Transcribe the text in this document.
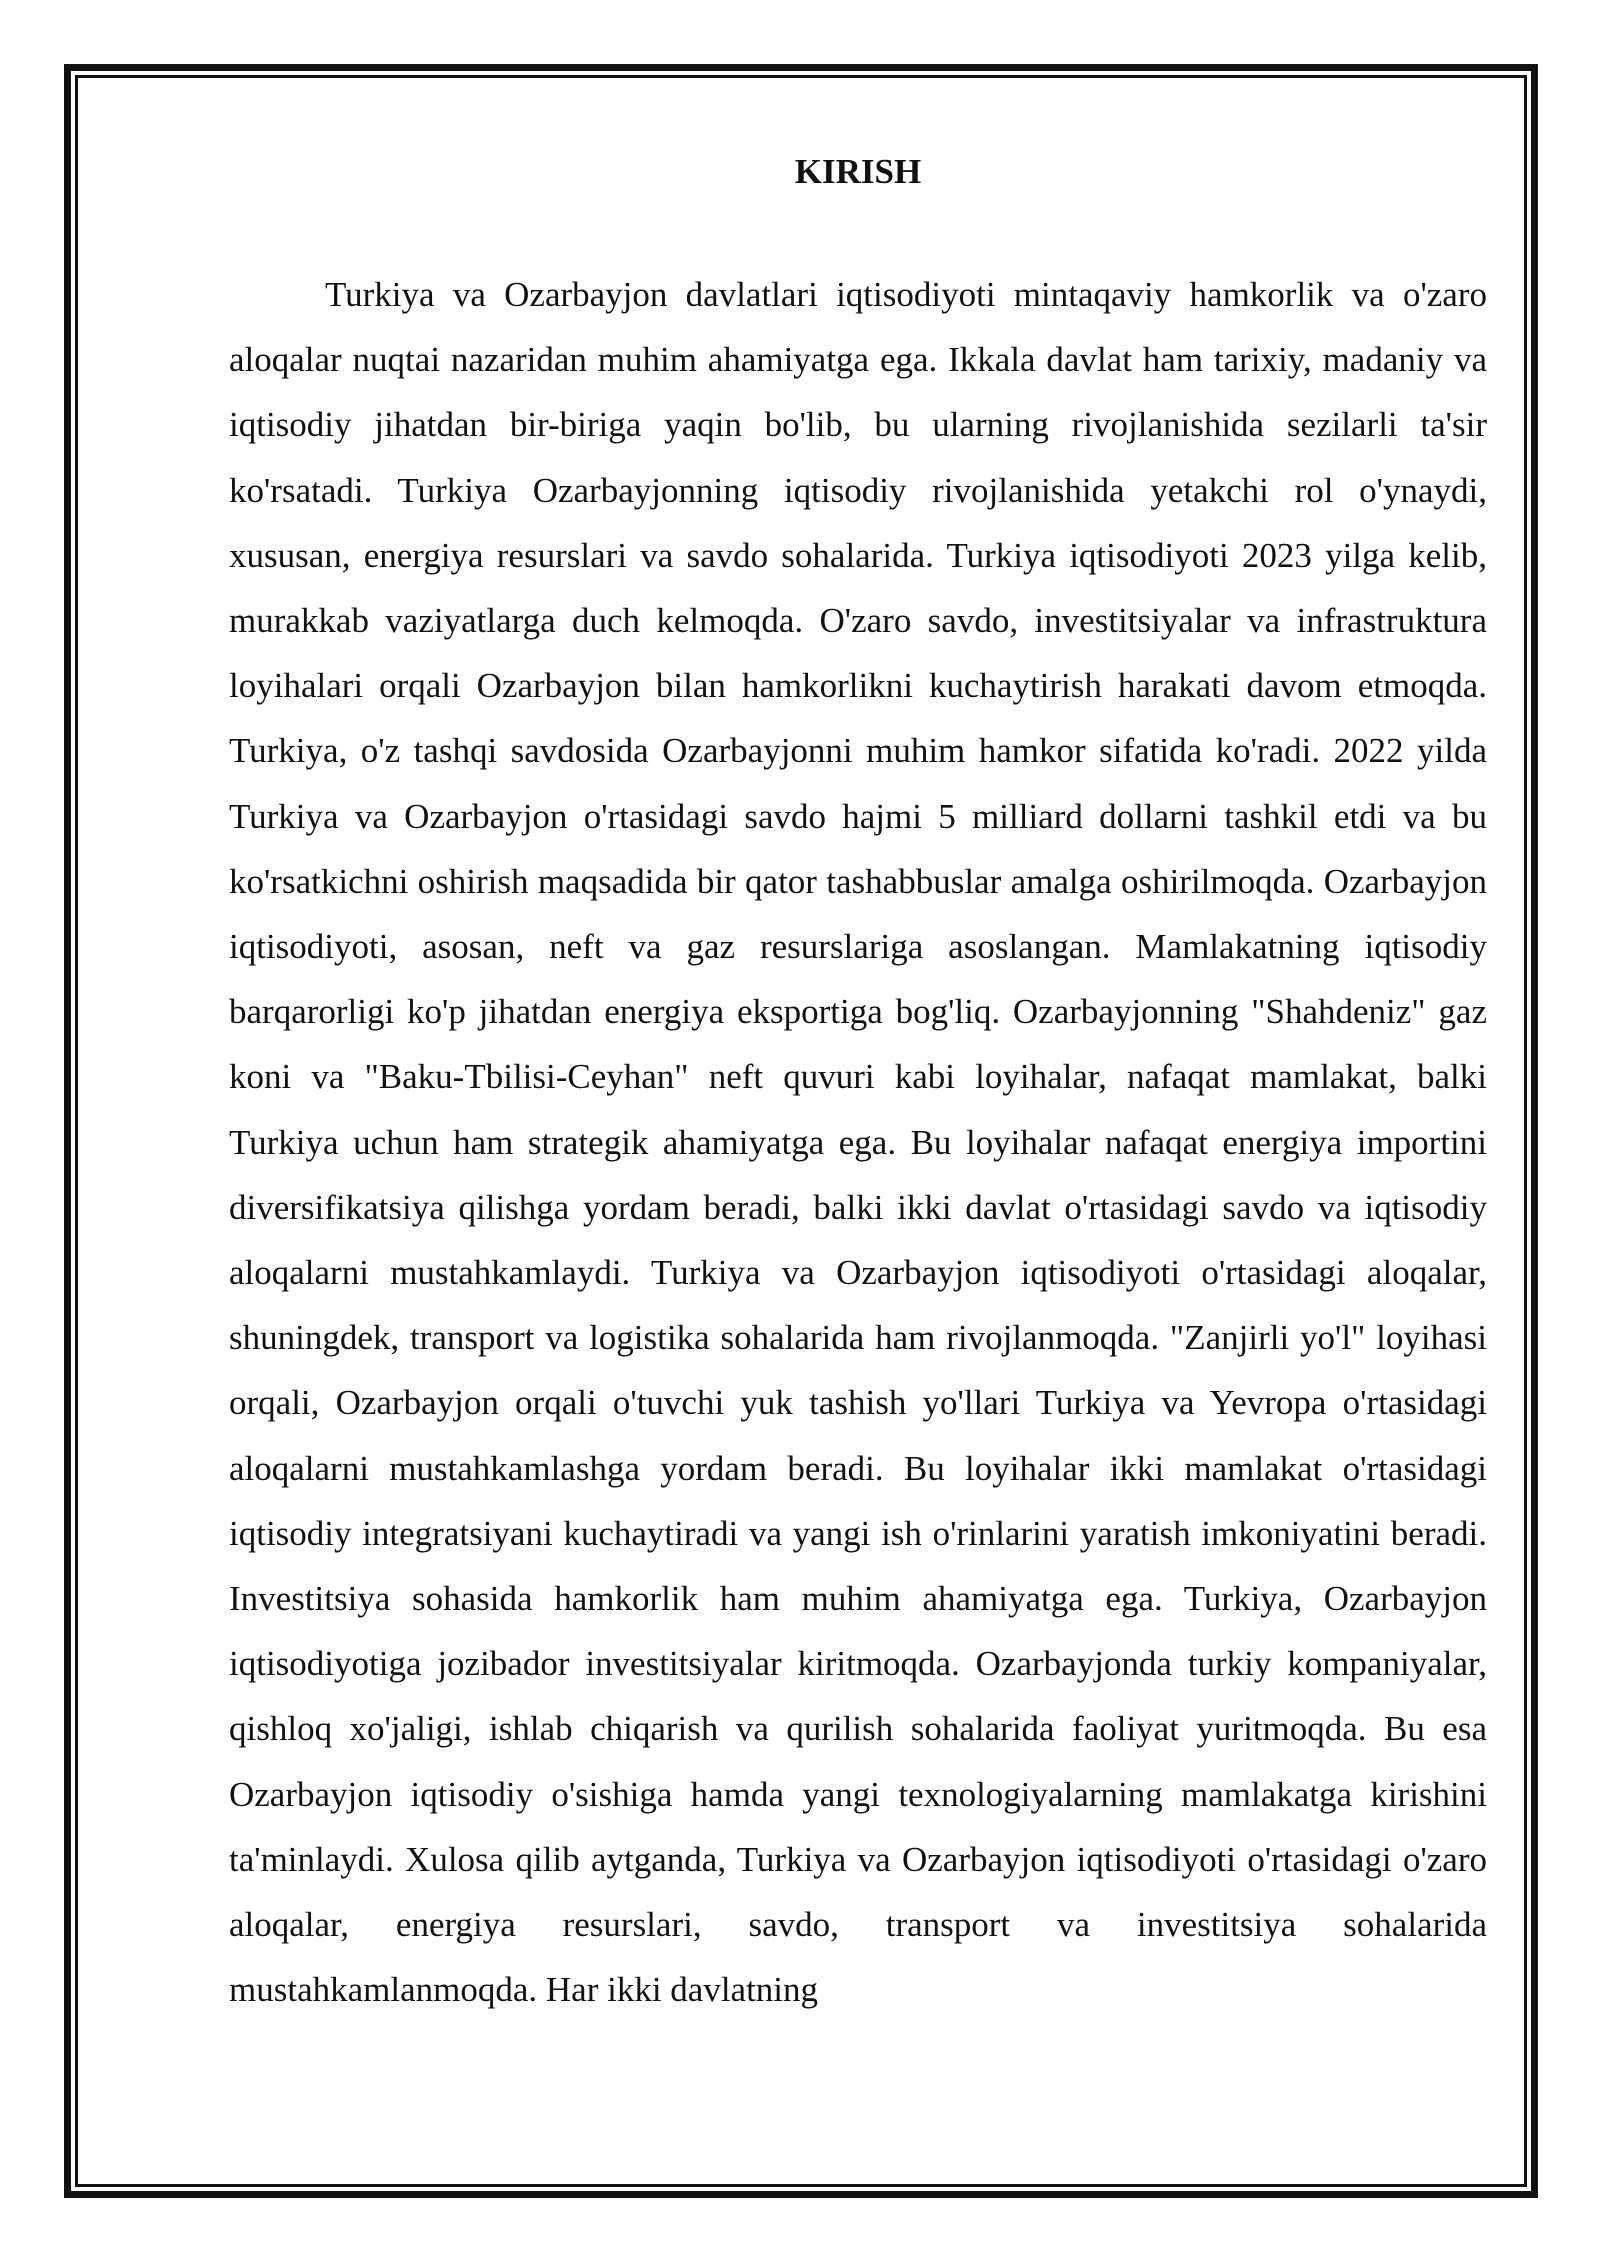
KIRISH

Turkiya va Ozarbayjon davlatlari iqtisodiyoti mintaqaviy hamkorlik va o'zaro aloqalar nuqtai nazaridan muhim ahamiyatga ega. Ikkala davlat ham tarixiy, madaniy va iqtisodiy jihatdan bir-biriga yaqin bo'lib, bu ularning rivojlanishida sezilarli ta'sir ko'rsatadi. Turkiya Ozarbayjonning iqtisodiy rivojlanishida yetakchi rol o'ynaydi, xususan, energiya resurslari va savdo sohalarida. Turkiya iqtisodiyoti 2023 yilga kelib, murakkab vaziyatlarga duch kelmoqda. O'zaro savdo, investitsiyalar va infrastruktura loyihalari orqali Ozarbayjon bilan hamkorlikni kuchaytirish harakati davom etmoqda. Turkiya, o'z tashqi savdosida Ozarbayjonni muhim hamkor sifatida ko'radi. 2022 yilda Turkiya va Ozarbayjon o'rtasidagi savdo hajmi 5 milliard dollarni tashkil etdi va bu ko'rsatkichni oshirish maqsadida bir qator tashabbuslar amalga oshirilmoqda. Ozarbayjon iqtisodiyoti, asosan, neft va gaz resurslariga asoslangan. Mamlakatning iqtisodiy barqarorligi ko'p jihatdan energiya eksportiga bog'liq. Ozarbayjonning "Shahdeniz" gaz koni va "Baku-Tbilisi-Ceyhan" neft quvuri kabi loyihalar, nafaqat mamlakat, balki Turkiya uchun ham strategik ahamiyatga ega. Bu loyihalar nafaqat energiya importini diversifikatsiya qilishga yordam beradi, balki ikki davlat o'rtasidagi savdo va iqtisodiy aloqalarni mustahkamlaydi. Turkiya va Ozarbayjon iqtisodiyoti o'rtasidagi aloqalar, shuningdek, transport va logistika sohalarida ham rivojlanmoqda. "Zanjirli yo'l" loyihasi orqali, Ozarbayjon orqali o'tuvchi yuk tashish yo'llari Turkiya va Yevropa o'rtasidagi aloqalarni mustahkamlashga yordam beradi. Bu loyihalar ikki mamlakat o'rtasidagi iqtisodiy integratsiyani kuchaytiradi va yangi ish o'rinlarini yaratish imkoniyatini beradi. Investitsiya sohasida hamkorlik ham muhim ahamiyatga ega. Turkiya, Ozarbayjon iqtisodiyotiga jozibador investitsiyalar kiritmoqda. Ozarbayjonda turkiy kompaniyalar, qishloq xo'jaligi, ishlab chiqarish va qurilish sohalarida faoliyat yuritmoqda. Bu esa Ozarbayjon iqtisodiy o'sishiga hamda yangi texnologiyalarning mamlakatga kirishini ta'minlaydi. Xulosa qilib aytganda, Turkiya va Ozarbayjon iqtisodiyoti o'rtasidagi o'zaro aloqalar, energiya resurslari, savdo, transport va investitsiya sohalarida mustahkamlanmoqda. Har ikki davlatning
